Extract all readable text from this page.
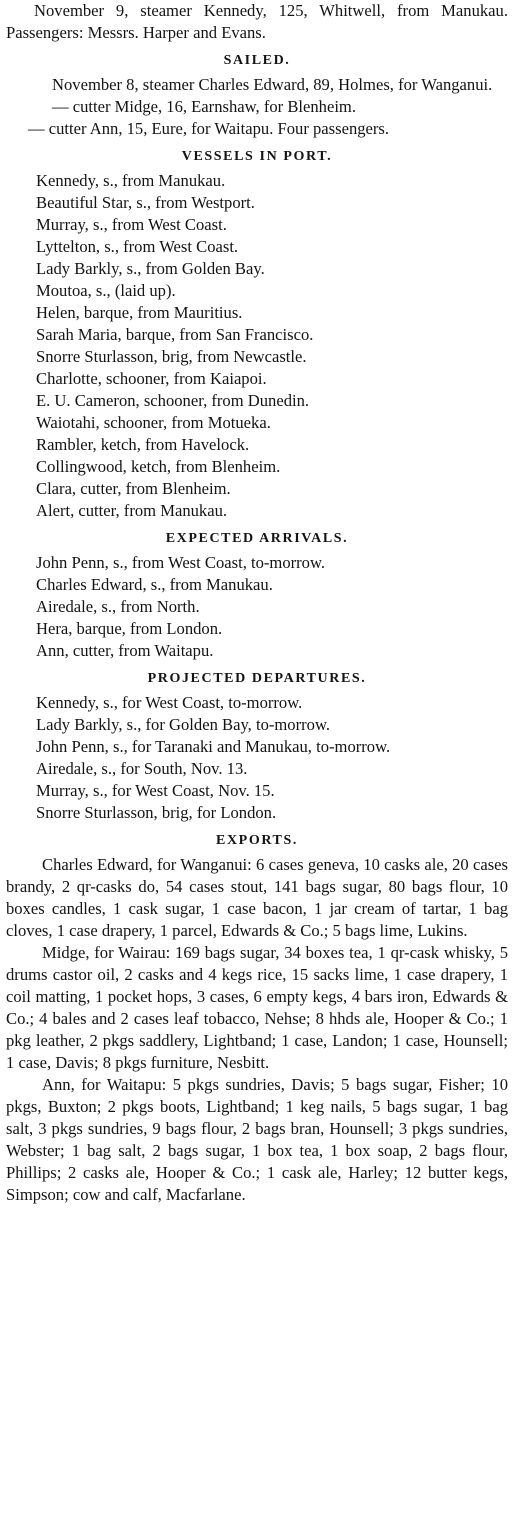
November 9, steamer Kennedy, 125, Whitwell, from Manukau. Passengers: Messrs. Harper and Evans.

SAILED.

November 8, steamer Charles Edward, 89, Holmes, for Wanganui.

— cutter Midge, 16, Earnshaw, for Blenheim.

— cutter Ann, 15, Eure, for Waitapu. Four passengers.

VESSELS IN PORT.
Kennedy, s., from Manukau.
Beautiful Star, s., from Westport.
Murray, s., from West Coast.
Lyttelton, s., from West Coast.
Lady Barkly, s., from Golden Bay.
Moutoa, s., (laid up).
Helen, barque, from Mauritius.
Sarah Maria, barque, from San Francisco.
Snorre Sturlasson, brig, from Newcastle.
Charlotte, schooner, from Kaiapoi.
E. U. Cameron, schooner, from Dunedin.
Waiotahi, schooner, from Motueka.
Rambler, ketch, from Havelock.
Collingwood, ketch, from Blenheim.
Clara, cutter, from Blenheim.
Alert, cutter, from Manukau.
EXPECTED ARRIVALS.
John Penn, s., from West Coast, to-morrow.
Charles Edward, s., from Manukau.
Airedale, s., from North.
Hera, barque, from London.
Ann, cutter, from Waitapu.
PROJECTED DEPARTURES.
Kennedy, s., for West Coast, to-morrow.
Lady Barkly, s., for Golden Bay, to-morrow.
John Penn, s., for Taranaki and Manukau, to-morrow.
Airedale, s., for South, Nov. 13.
Murray, s., for West Coast, Nov. 15.
Snorre Sturlasson, brig, for London.
EXPORTS.

Charles Edward, for Wanganui: 6 cases geneva, 10 casks ale, 20 cases brandy, 2 qr-casks do, 54 cases stout, 141 bags sugar, 80 bags flour, 10 boxes candles, 1 cask sugar, 1 case bacon, 1 jar cream of tartar, 1 bag cloves, 1 case drapery, 1 parcel, Edwards & Co.; 5 bags lime, Lukins.

Midge, for Wairau: 169 bags sugar, 34 boxes tea, 1 qr-cask whisky, 5 drums castor oil, 2 casks and 4 kegs rice, 15 sacks lime, 1 case drapery, 1 coil matting, 1 pocket hops, 3 cases, 6 empty kegs, 4 bars iron, Edwards & Co.; 4 bales and 2 cases leaf tobacco, Nehse; 8 hhds ale, Hooper & Co.; 1 pkg leather, 2 pkgs saddlery, Lightband; 1 case, Landon; 1 case, Hounsell; 1 case, Davis; 8 pkgs furniture, Nesbitt.

Ann, for Waitapu: 5 pkgs sundries, Davis; 5 bags sugar, Fisher; 10 pkgs, Buxton; 2 pkgs boots, Lightband; 1 keg nails, 5 bags sugar, 1 bag salt, 3 pkgs sundries, 9 bags flour, 2 bags bran, Hounsell; 3 pkgs sundries, Webster; 1 bag salt, 2 bags sugar, 1 box tea, 1 box soap, 2 bags flour, Phillips; 2 casks ale, Hooper & Co.; 1 cask ale, Harley; 12 butter kegs, Simpson; cow and calf, Macfarlane.
